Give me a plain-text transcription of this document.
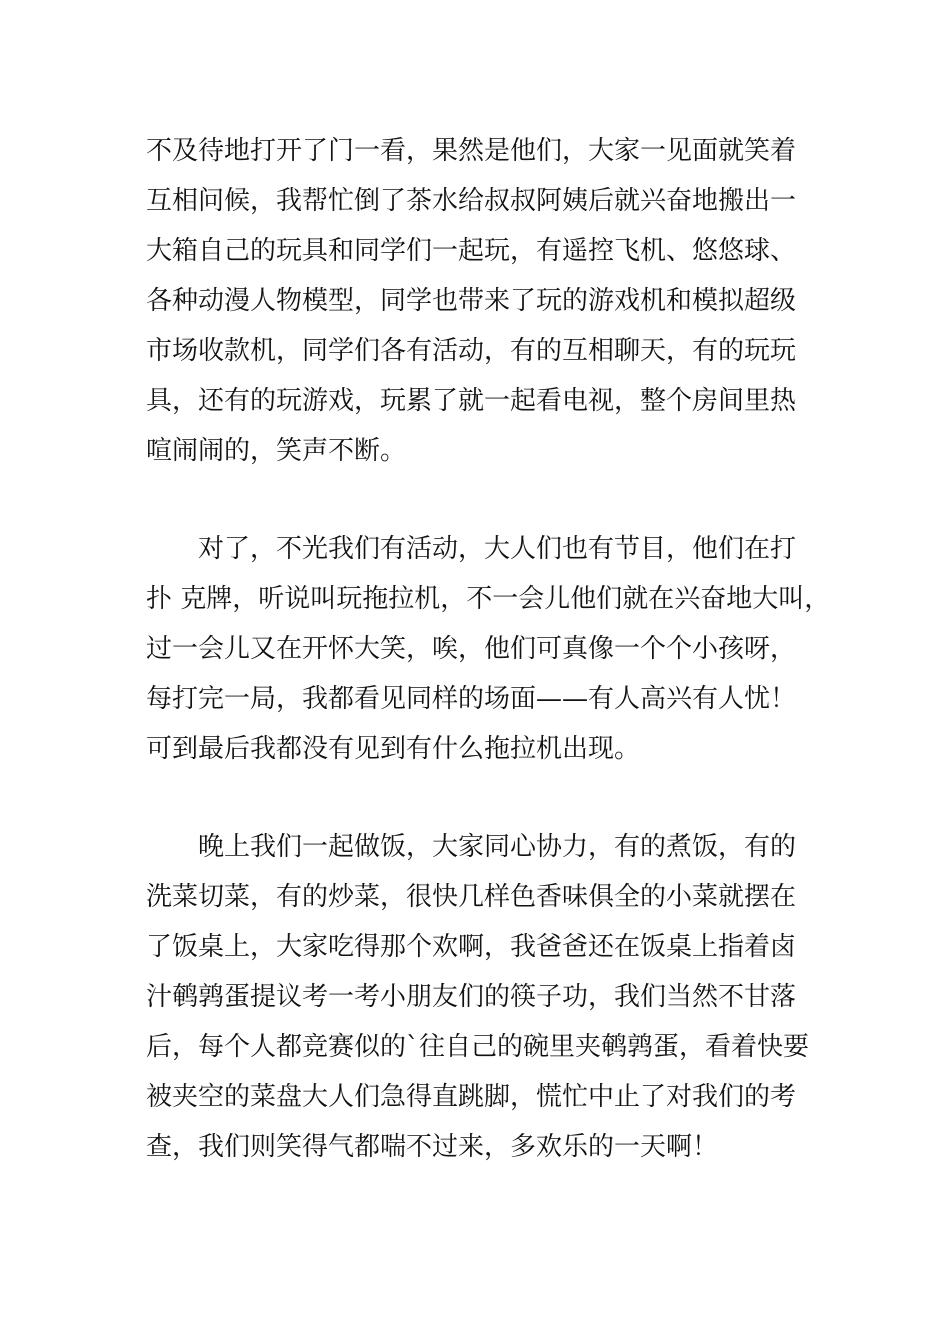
不及待地打开了门一看，果然是他们，大家一见面就笑着

互相问候，我帮忙倒了茶水给叔叔阿姨后就兴奋地搬出一

大箱自己的玩具和同学们一起玩，有遥控飞机、悠悠球、

各种动漫人物模型，同学也带来了玩的游戏机和模拟超级

市场收款机，同学们各有活动，有的互相聊天，有的玩玩

具，还有的玩游戏，玩累了就一起看电视，整个房间里热

喧闹闹的，笑声不断。

对了，不光我们有活动，大人们也有节目，他们在打

扑 克牌，听说叫玩拖拉机，不一会儿他们就在兴奋地大叫，

过一会儿又在开怀大笑，唉，他们可真像一个个小孩呀，

每打完一局，我都看见同样的场面——有人高兴有人忧！

可到最后我都没有见到有什么拖拉机出现。

晚上我们一起做饭，大家同心协力，有的煮饭，有的

洗菜切菜，有的炒菜，很快几样色香味俱全的小菜就摆在

了饭桌上，大家吃得那个欢啊，我爸爸还在饭桌上指着卤

汁鹌鹑蛋提议考一考小朋友们的筷子功，我们当然不甘落

后，每个人都竞赛似的`往自己的碗里夹鹌鹑蛋，看着快要

被夹空的菜盘大人们急得直跳脚，慌忙中止了对我们的考

查，我们则笑得气都喘不过来，多欢乐的一天啊！
